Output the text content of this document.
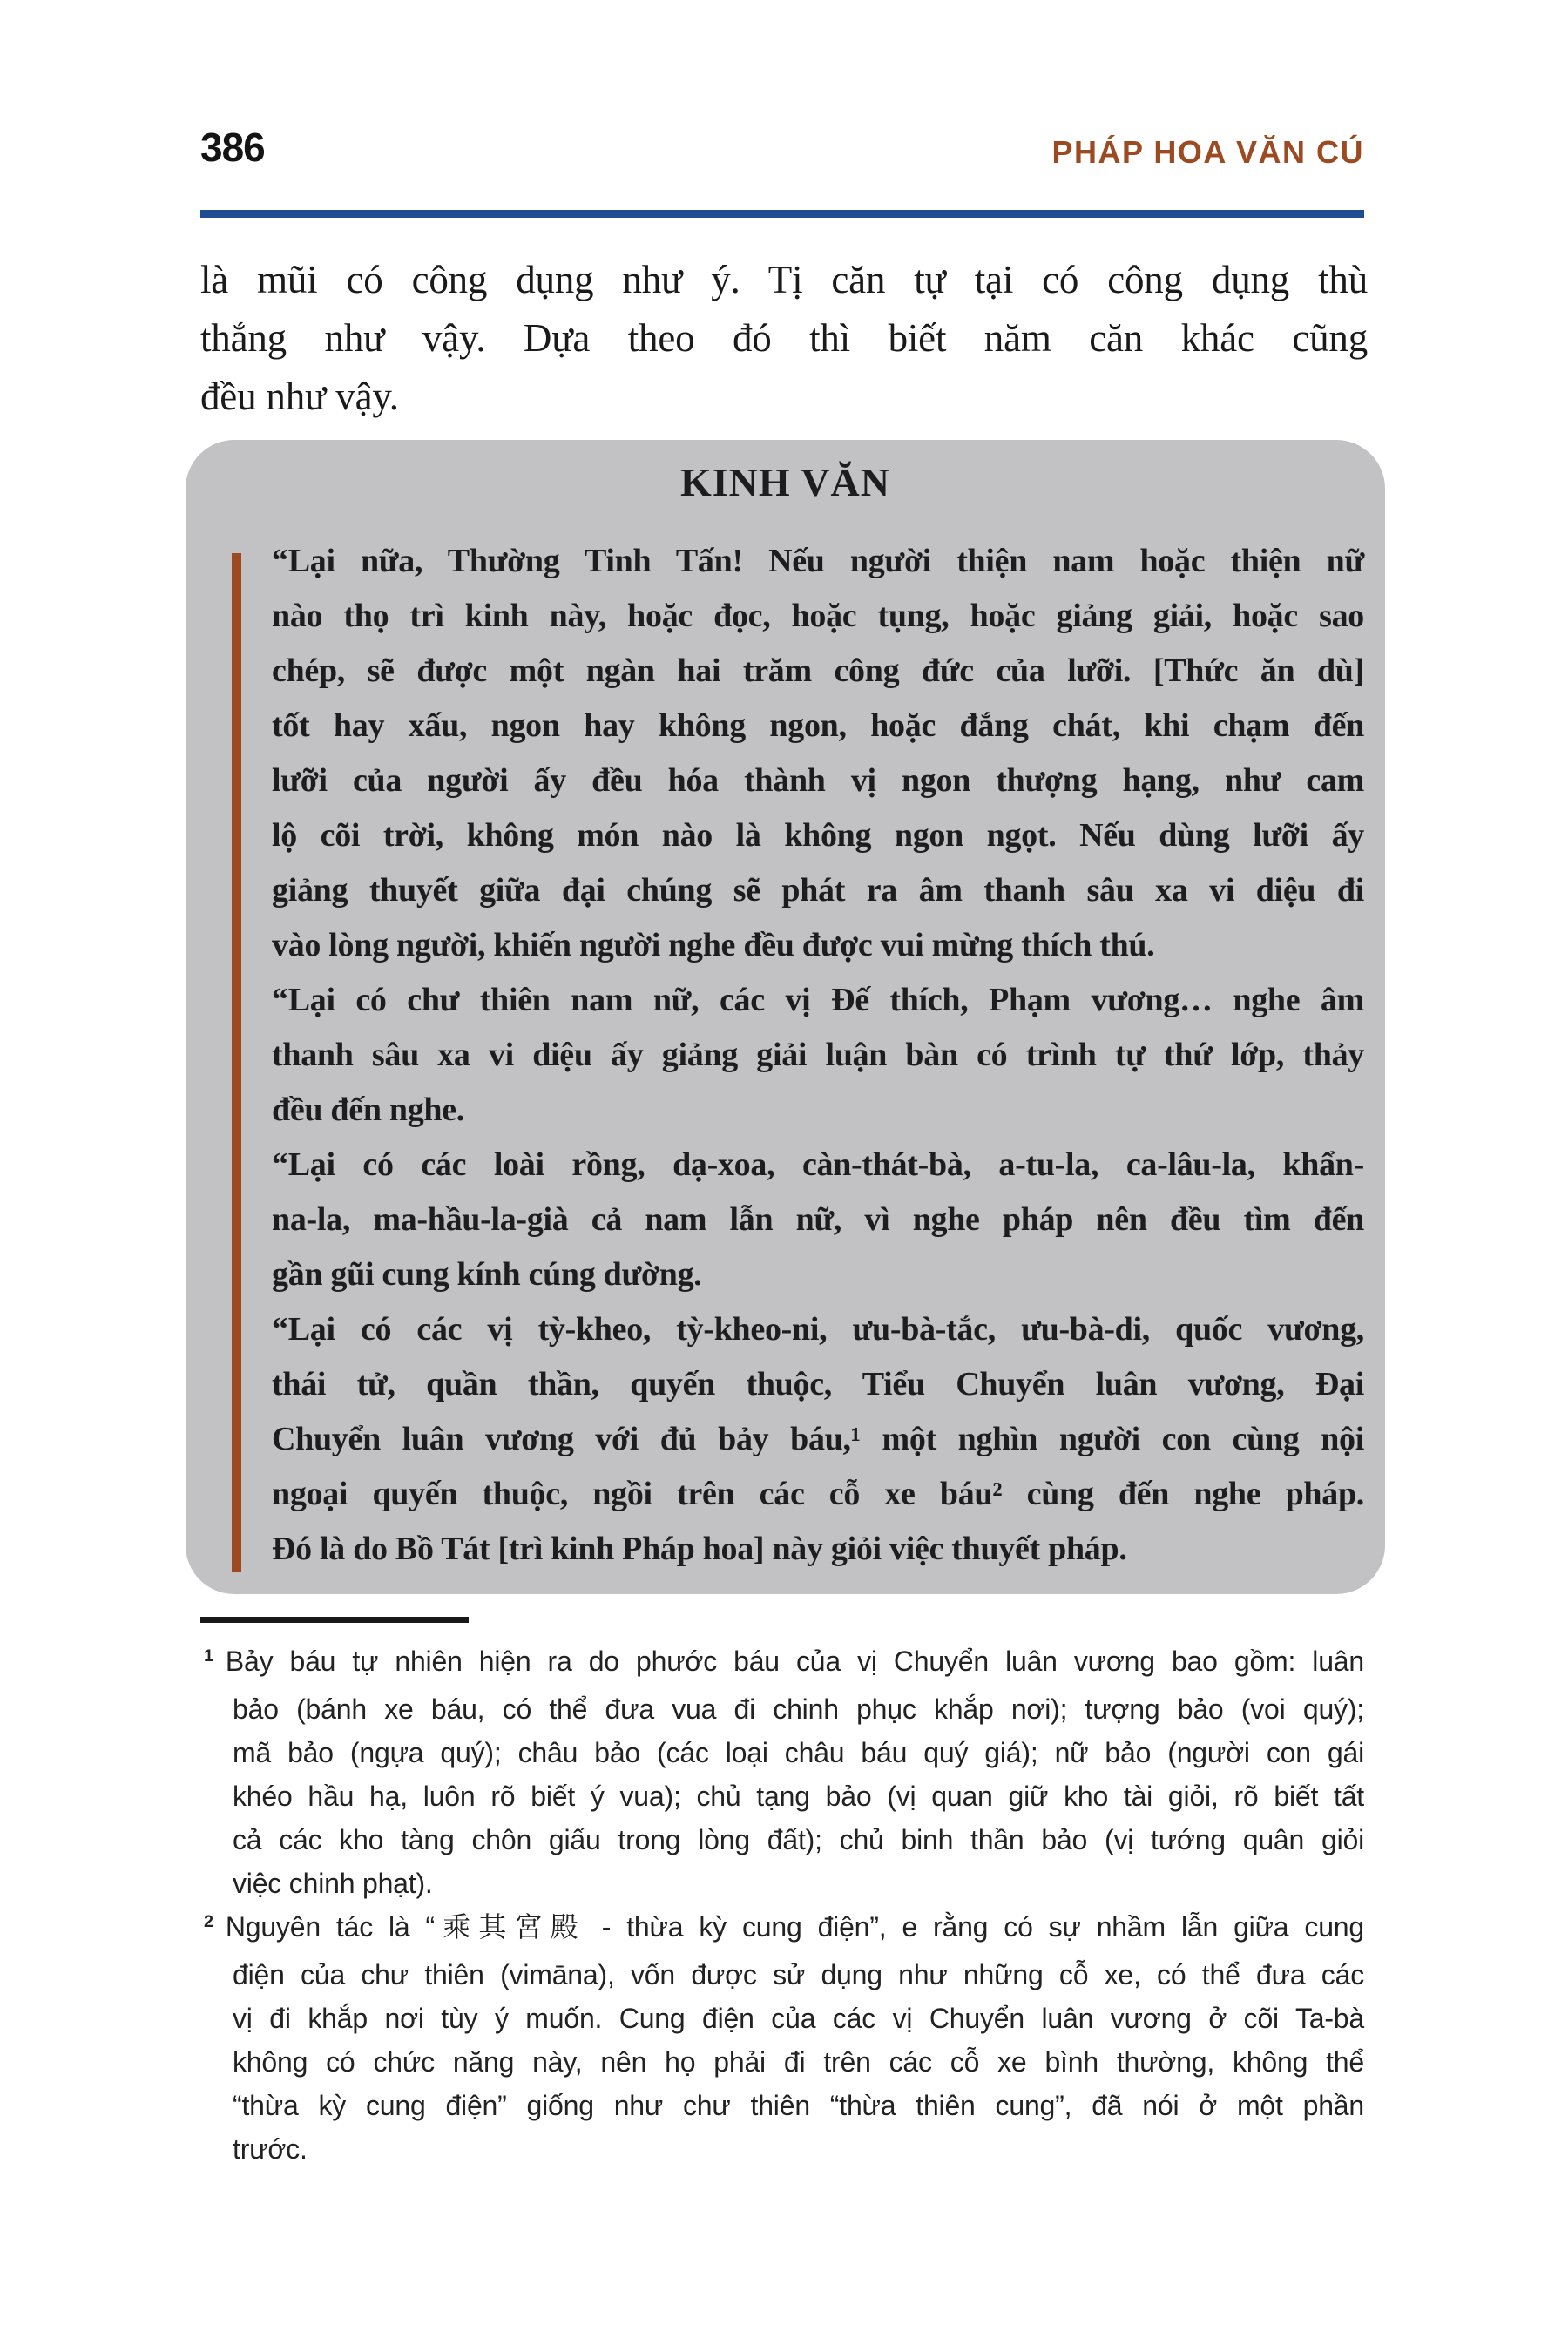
386	PHÁP HOA VĂN CÚ
là mũi có công dụng như ý. Tị căn tự tại có công dụng thù
thắng như vậy. Dựa theo đó thì biết năm căn khác cũng
đều như vậy.
KINH VĂN
“Lại nữa, Thường Tinh Tấn! Nếu người thiện nam hoặc thiện nữ
nào thọ trì kinh này, hoặc đọc, hoặc tụng, hoặc giảng giải, hoặc sao
chép, sẽ được một ngàn hai trăm công đức của lưỡi. [Thức ăn dù]
tốt hay xấu, ngon hay không ngon, hoặc đắng chát, khi chạm đến
lưỡi của người ấy đều hóa thành vị ngon thượng hạng, như cam
lộ cõi trời, không món nào là không ngon ngọt. Nếu dùng lưỡi ấy
giảng thuyết giữa đại chúng sẽ phát ra âm thanh sâu xa vi diệu đi
vào lòng người, khiến người nghe đều được vui mừng thích thú.
“Lại có chư thiên nam nữ, các vị Đế thích, Phạm vương… nghe âm
thanh sâu xa vi diệu ấy giảng giải luận bàn có trình tự thứ lớp, thảy
đều đến nghe.
“Lại có các loài rồng, dạ-xoa, càn-thát-bà, a-tu-la, ca-lâu-la, khẩn-
na-la, ma-hầu-la-già cả nam lẫn nữ, vì nghe pháp nên đều tìm đến
gần gũi cung kính cúng dường.
“Lại có các vị tỳ-kheo, tỳ-kheo-ni, ưu-bà-tắc, ưu-bà-di, quốc vương,
thái tử, quần thần, quyến thuộc, Tiểu Chuyển luân vương, Đại
Chuyển luân vương với đủ bảy báu,¹ một nghìn người con cùng nội
ngoại quyến thuộc, ngồi trên các cỗ xe báu² cùng đến nghe pháp.
Đó là do Bồ Tát [trì kinh Pháp hoa] này giỏi việc thuyết pháp.
$^1$ Bảy báu tự nhiên hiện ra do phước báu của vị Chuyển luân vương bao gồm: luân
bảo (bánh xe báu, có thể đưa vua đi chinh phục khắp nơi); tượng bảo (voi quý);
mã bảo (ngựa quý); châu bảo (các loại châu báu quý giá); nữ bảo (người con gái
khéo hầu hạ, luôn rõ biết ý vua); chủ tạng bảo (vị quan giữ kho tài giỏi, rõ biết tất
cả các kho tàng chôn giấu trong lòng đất); chủ binh thần bảo (vị tướng quân giỏi
việc chinh phạt).
$^2$ Nguyên tác là “乘其宮殿 - thừa kỳ cung điện”, e rằng có sự nhầm lẫn giữa cung
điện của chư thiên (vimāna), vốn được sử dụng như những cỗ xe, có thể đưa các
vị đi khắp nơi tùy ý muốn. Cung điện của các vị Chuyển luân vương ở cõi Ta-bà
không có chức năng này, nên họ phải đi trên các cỗ xe bình thường, không thể
“thừa kỳ cung điện” giống như chư thiên “thừa thiên cung”, đã nói ở một phần
trước.
